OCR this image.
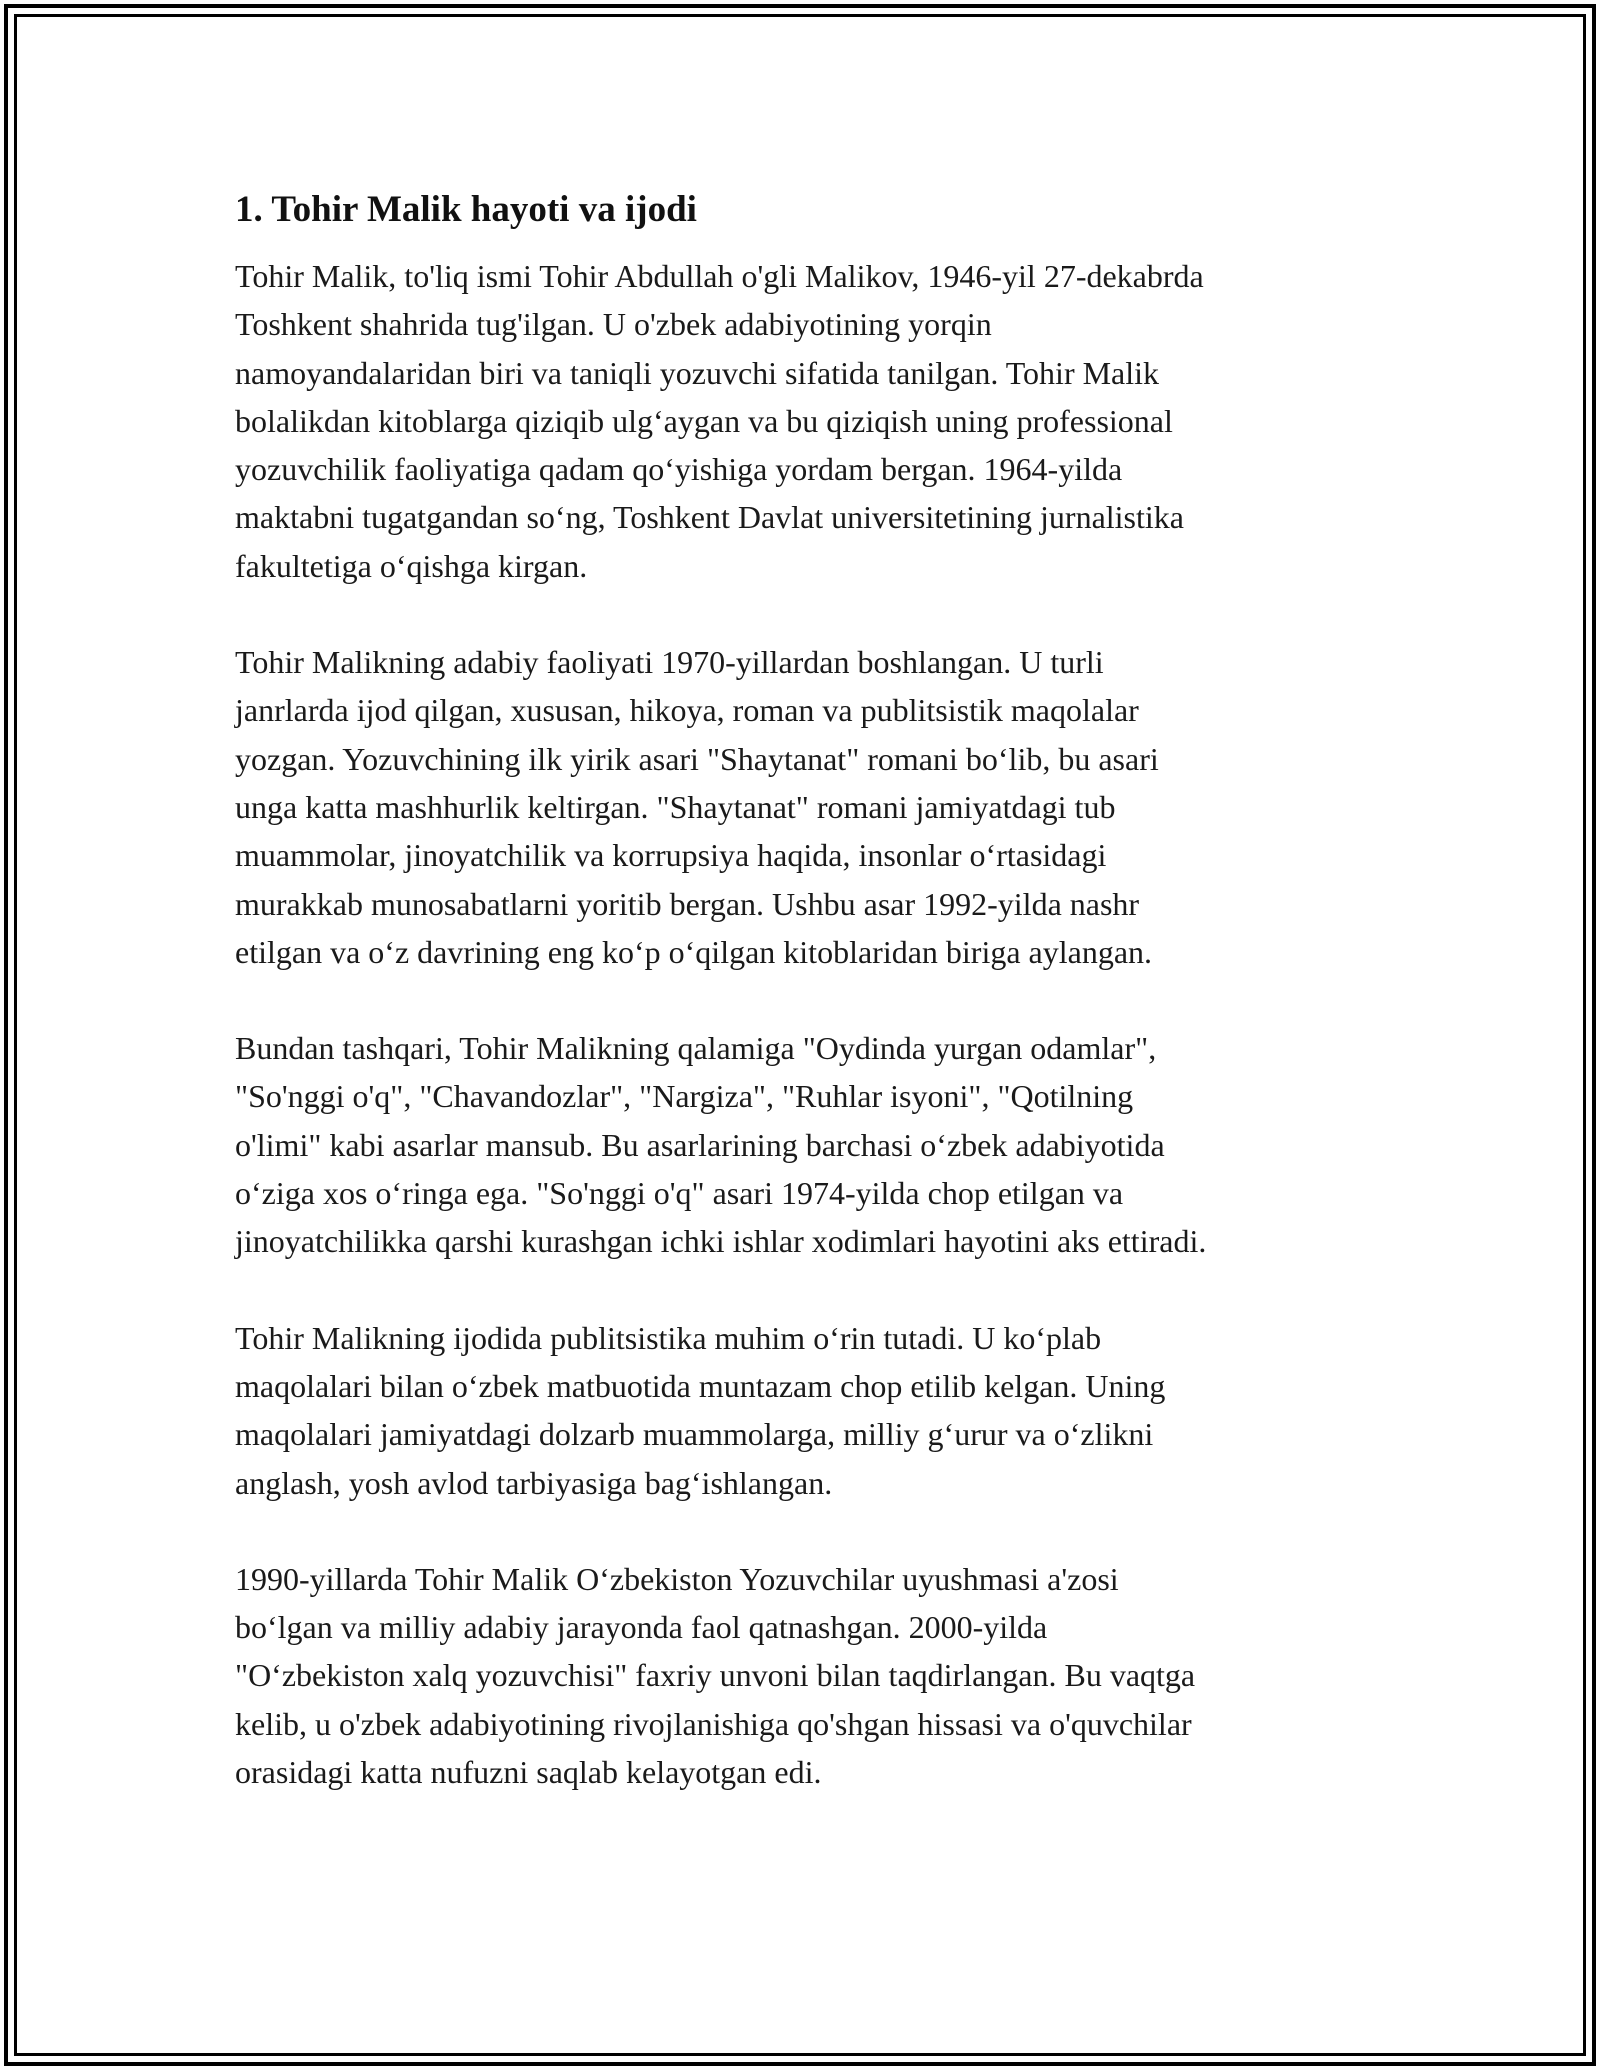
1. Tohir Malik hayoti va ijodi

Tohir Malik, to'liq ismi Tohir Abdullah o'gli Malikov, 1946-yil 27-dekabrda
Toshkent shahrida tug'ilgan. U o'zbek adabiyotining yorqin
namoyandalaridan biri va taniqli yozuvchi sifatida tanilgan. Tohir Malik
bolalikdan kitoblarga qiziqib ulgʻaygan va bu qiziqish uning professional
yozuvchilik faoliyatiga qadam qoʻyishiga yordam bergan. 1964-yilda
maktabni tugatgandan soʻng, Toshkent Davlat universitetining jurnalistika
fakultetiga oʻqishga kirgan.

Tohir Malikning adabiy faoliyati 1970-yillardan boshlangan. U turli
janrlarda ijod qilgan, xususan, hikoya, roman va publitsistik maqolalar
yozgan. Yozuvchining ilk yirik asari "Shaytanat" romani boʻlib, bu asari
unga katta mashhurlik keltirgan. "Shaytanat" romani jamiyatdagi tub
muammolar, jinoyatchilik va korrupsiya haqida, insonlar oʻrtasidagi
murakkab munosabatlarni yoritib bergan. Ushbu asar 1992-yilda nashr
etilgan va oʻz davrining eng koʻp oʻqilgan kitoblaridan biriga aylangan.

Bundan tashqari, Tohir Malikning qalamiga "Oydinda yurgan odamlar",
"So'nggi o'q", "Chavandozlar", "Nargiza", "Ruhlar isyoni", "Qotilning
o'limi" kabi asarlar mansub. Bu asarlarining barchasi oʻzbek adabiyotida
oʻziga xos oʻringa ega. "So'nggi o'q" asari 1974-yilda chop etilgan va
jinoyatchilikka qarshi kurashgan ichki ishlar xodimlari hayotini aks ettiradi.

Tohir Malikning ijodida publitsistika muhim oʻrin tutadi. U koʻplab
maqolalari bilan oʻzbek matbuotida muntazam chop etilib kelgan. Uning
maqolalari jamiyatdagi dolzarb muammolarga, milliy gʻurur va oʻzlikni
anglash, yosh avlod tarbiyasiga bagʻishlangan.

1990-yillarda Tohir Malik Oʻzbekiston Yozuvchilar uyushmasi a'zosi
boʻlgan va milliy adabiy jarayonda faol qatnashgan. 2000-yilda
"Oʻzbekiston xalq yozuvchisi" faxriy unvoni bilan taqdirlangan. Bu vaqtga
kelib, u o'zbek adabiyotining rivojlanishiga qo'shgan hissasi va o'quvchilar
orasidagi katta nufuzni saqlab kelayotgan edi.
